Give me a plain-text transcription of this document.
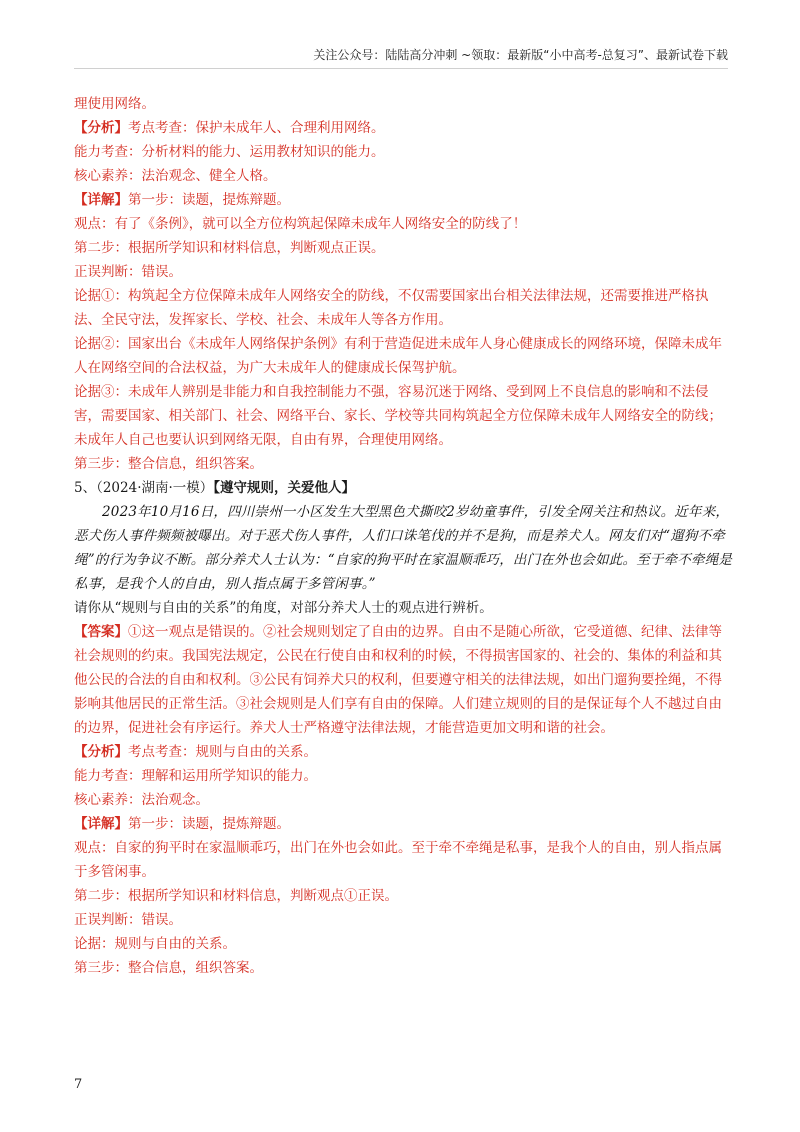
关注公众号：陆陆高分冲刺 ~领取：最新版“小中高考-总复习”、最新试卷下载
理使用网络。
【分析】考点考查：保护未成年人、合理利用网络。
能力考查：分析材料的能力、运用教材知识的能力。
核心素养：法治观念、健全人格。
【详解】第一步：读题，提炼辩题。
观点：有了《条例》，就可以全方位构筑起保障未成年人网络安全的防线了！
第二步：根据所学知识和材料信息，判断观点正误。
正误判断：错误。
论据①：构筑起全方位保障未成年人网络安全的防线，不仅需要国家出台相关法律法规，还需要推进严格执法、全民守法，发挥家长、学校、社会、未成年人等各方作用。
论据②：国家出台《未成年人网络保护条例》有利于营造促进未成年人身心健康成长的网络环境，保障未成年人在网络空间的合法权益，为广大未成年人的健康成长保驾护航。
论据③：未成年人辨别是非能力和自我控制能力不强，容易沉迷于网络、受到网上不良信息的影响和不法侵害，需要国家、相关部门、社会、网络平台、家长、学校等共同构筑起全方位保障未成年人网络安全的防线；未成年人自己也要认识到网络无限，自由有界，合理使用网络。
第三步：整合信息，组织答案。
5、（2024·湖南·一模）【遵守规则，关爱他人】
2023年10月16日，四川崇州一小区发生大型黑色犬撕咬2岁幼童事件，引发全网关注和热议。近年来，恶犬伤人事件频频被曝出。对于恶犬伤人事件，人们口诛笔伐的并不是狗，而是养犬人。网友们对“遛狗不牵绳”的行为争议不断。部分养犬人士认为：“自家的狗平时在家温顺乖巧，出门在外也会如此。至于牵不牵绳是私事，是我个人的自由，别人指点属于多管闲事。”
请你从“规则与自由的关系”的角度，对部分养犬人士的观点进行辨析。
【答案】①这一观点是错误的。②社会规则划定了自由的边界。自由不是随心所欲，它受道德、纪律、法律等社会规则的约束。我国宪法规定，公民在行使自由和权利的时候，不得损害国家的、社会的、集体的利益和其他公民的合法的自由和权利。③公民有饲养犬只的权利，但要遵守相关的法律法规，如出门遛狗要拴绳，不得影响其他居民的正常生活。③社会规则是人们享有自由的保障。人们建立规则的目的是保证每个人不越过自由的边界，促进社会有序运行。养犬人士严格遵守法律法规，才能营造更加文明和谐的社会。
【分析】考点考查：规则与自由的关系。
能力考查：理解和运用所学知识的能力。
核心素养：法治观念。
【详解】第一步：读题，提炼辩题。
观点：自家的狗平时在家温顺乖巧，出门在外也会如此。至于牵不牵绳是私事，是我个人的自由，别人指点属于多管闲事。
第二步：根据所学知识和材料信息，判断观点①正误。
正误判断：错误。
论据：规则与自由的关系。
第三步：整合信息，组织答案。
7
